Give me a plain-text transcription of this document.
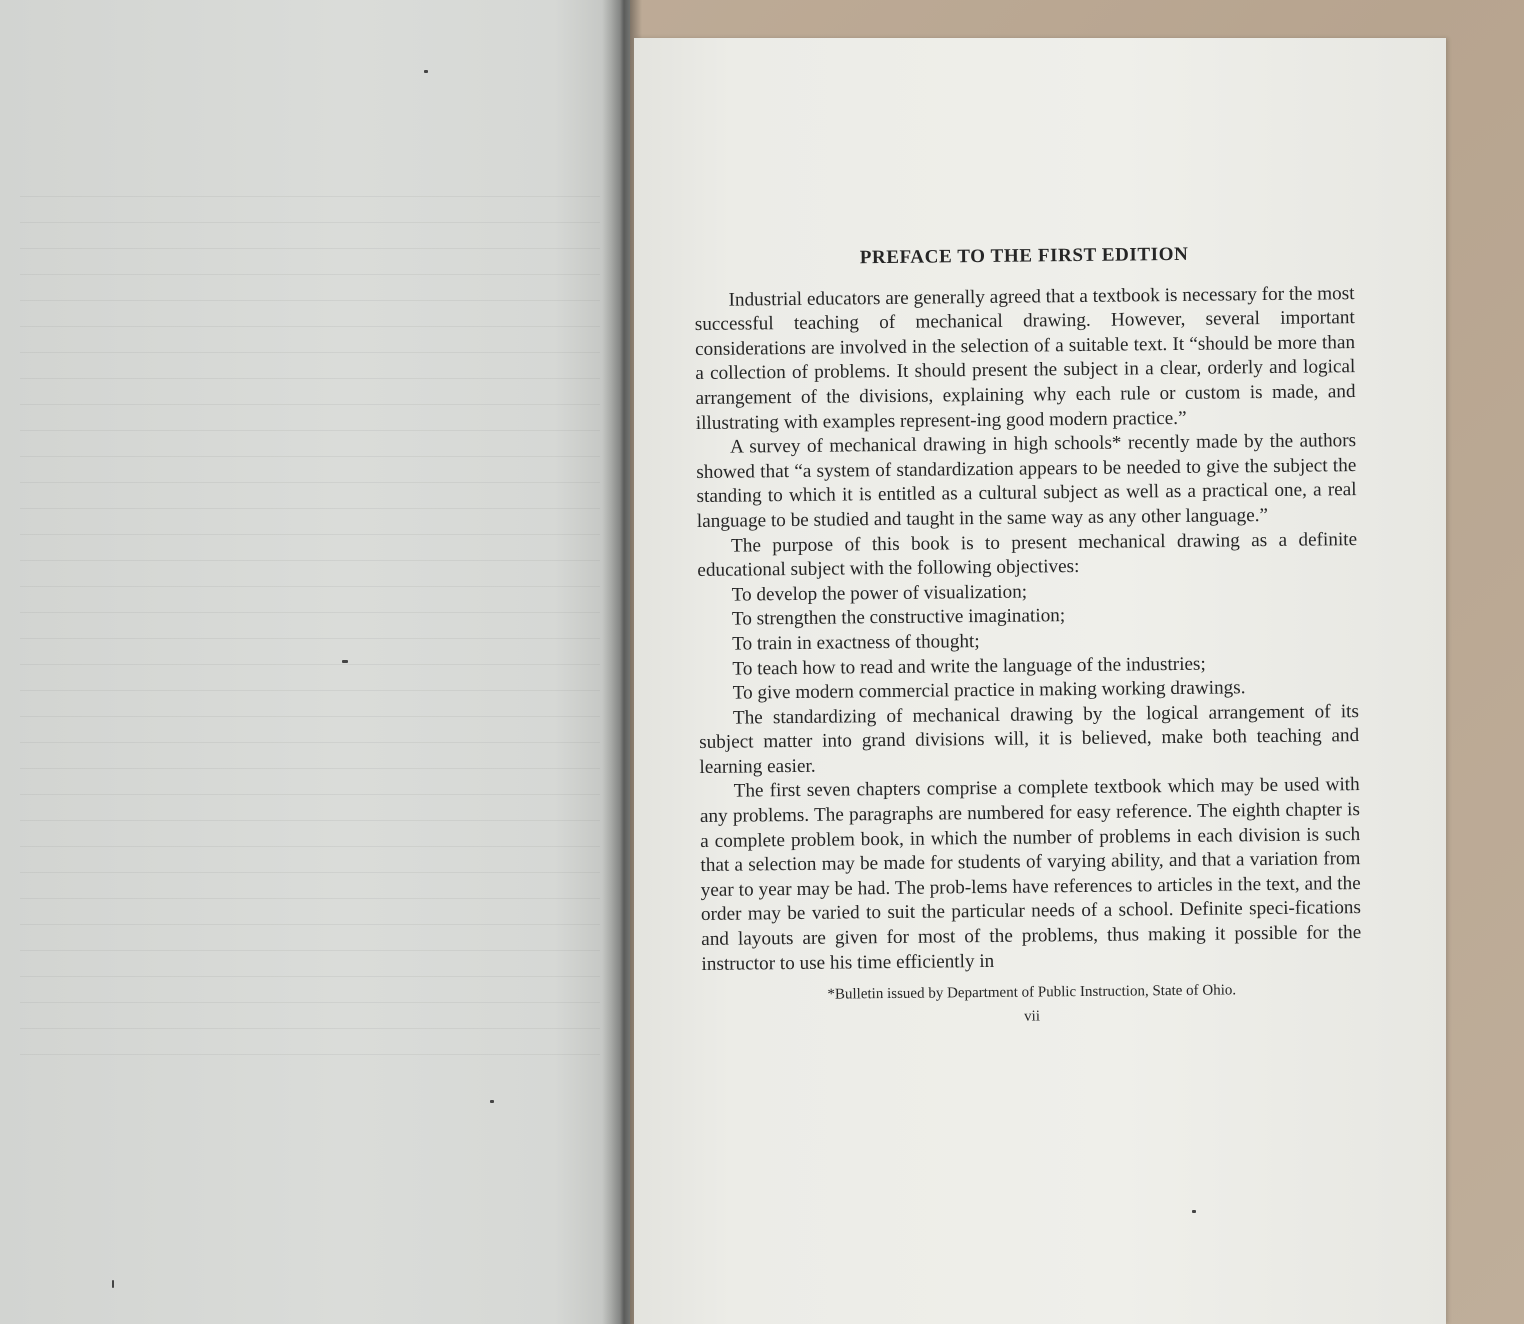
PREFACE TO THE FIRST EDITION

Industrial educators are generally agreed that a textbook is necessary for the most successful teaching of mechanical drawing. However, several important considerations are involved in the selection of a suitable text. It “should be more than a collection of problems. It should present the subject in a clear, orderly and logical arrangement of the divisions, explaining why each rule or custom is made, and illustrating with examples represent-ing good modern practice.”

A survey of mechanical drawing in high schools* recently made by the authors showed that “a system of standardization appears to be needed to give the subject the standing to which it is entitled as a cultural subject as well as a practical one, a real language to be studied and taught in the same way as any other language.”

The purpose of this book is to present mechanical drawing as a definite educational subject with the following objectives:

To develop the power of visualization;

To strengthen the constructive imagination;

To train in exactness of thought;

To teach how to read and write the language of the industries;

To give modern commercial practice in making working drawings.

The standardizing of mechanical drawing by the logical arrangement of its subject matter into grand divisions will, it is believed, make both teaching and learning easier.

The first seven chapters comprise a complete textbook which may be used with any problems. The paragraphs are numbered for easy reference. The eighth chapter is a complete problem book, in which the number of problems in each division is such that a selection may be made for students of varying ability, and that a variation from year to year may be had. The prob-lems have references to articles in the text, and the order may be varied to suit the particular needs of a school. Definite speci-fications and layouts are given for most of the problems, thus making it possible for the instructor to use his time efficiently in

*Bulletin issued by Department of Public Instruction, State of Ohio.

vii
